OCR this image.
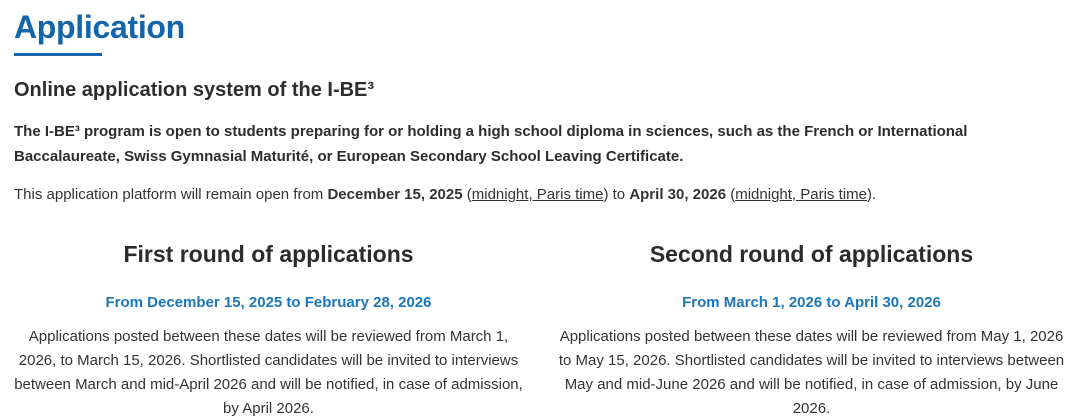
Application
Online application system of the I-BE³

The I-BE³ program is open to students preparing for or holding a high school diploma in sciences, such as the French or International Baccalaureate, Swiss Gymnasial Maturité, or European Secondary School Leaving Certificate.

This application platform will remain open from December 15, 2025 (midnight, Paris time) to April 30, 2026 (midnight, Paris time).

First round of applications
From December 15, 2025 to February 28, 2026

Applications posted between these dates will be reviewed from March 1, 2026, to March 15, 2026. Shortlisted candidates will be invited to interviews between March and mid-April 2026 and will be notified, in case of admission, by April 2026.

Second round of applications
From March 1, 2026 to April 30, 2026

Applications posted between these dates will be reviewed from May 1, 2026 to May 15, 2026. Shortlisted candidates will be invited to interviews between May and mid-June 2026 and will be notified, in case of admission, by June 2026.
